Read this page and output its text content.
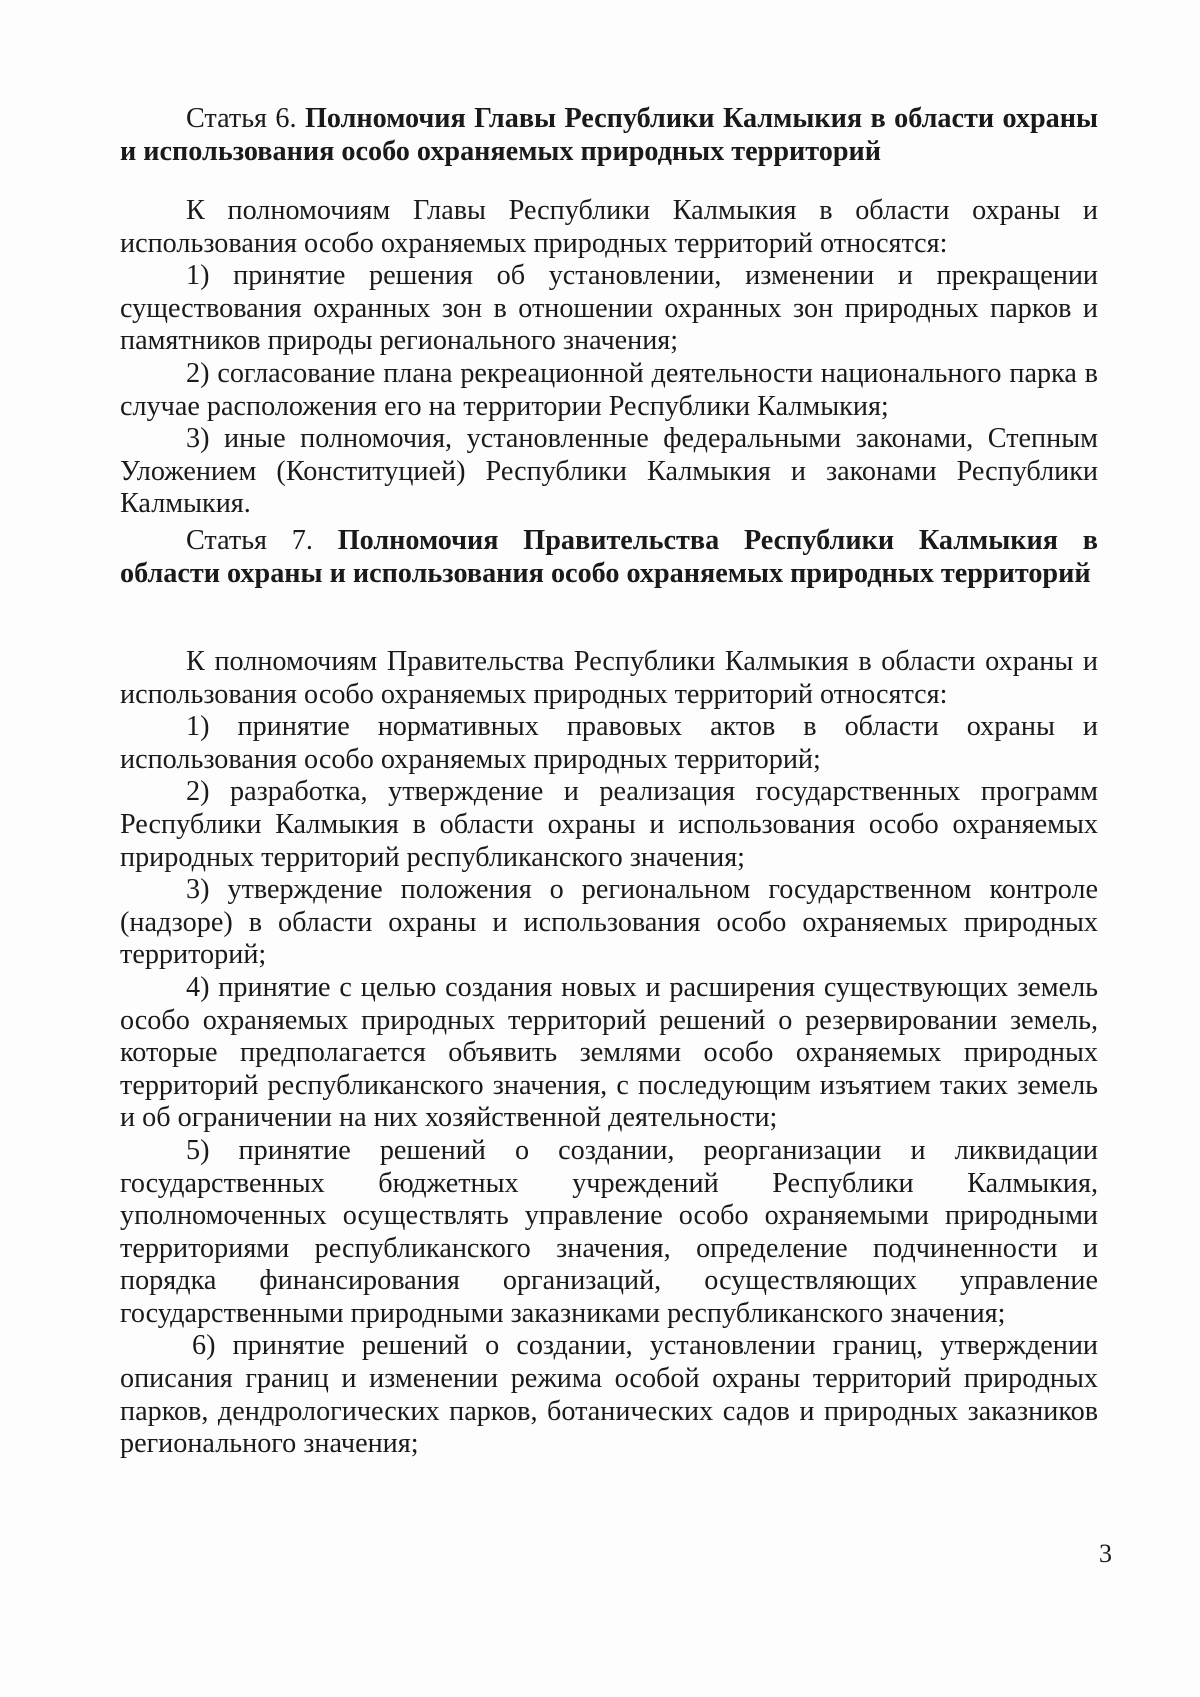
Статья 6. Полномочия Главы Республики Калмыкия в области охраны и использования особо охраняемых природных территорий

К полномочиям Главы Республики Калмыкия в области охраны и использования особо охраняемых природных территорий относятся:

1) принятие решения об установлении, изменении и прекращении существования охранных зон в отношении охранных зон природных парков и памятников природы регионального значения;

2) согласование плана рекреационной деятельности национального парка в случае расположения его на территории Республики Калмыкия;

3) иные полномочия, установленные федеральными законами, Степным Уложением (Конституцией) Республики Калмыкия и законами Республики Калмыкия.

Статья 7. Полномочия Правительства Республики Калмыкия в области охраны и использования особо охраняемых природных территорий

К полномочиям Правительства Республики Калмыкия в области охраны и использования особо охраняемых природных территорий относятся:

1) принятие нормативных правовых актов в области охраны и использования особо охраняемых природных территорий;

2) разработка, утверждение и реализация государственных программ Республики Калмыкия в области охраны и использования особо охраняемых природных территорий республиканского значения;

3) утверждение положения о региональном государственном контроле (надзоре) в области охраны и использования особо охраняемых природных территорий;

4) принятие с целью создания новых и расширения существующих земель особо охраняемых природных территорий решений о резервировании земель, которые предполагается объявить землями особо охраняемых природных территорий республиканского значения, с последующим изъятием таких земель и об ограничении на них хозяйственной деятельности;

5) принятие решений о создании, реорганизации и ликвидации государственных бюджетных учреждений Республики Калмыкия, уполномоченных осуществлять управление особо охраняемыми природными территориями республиканского значения, определение подчиненности и порядка финансирования организаций, осуществляющих управление государственными природными заказниками республиканского значения;

6) принятие решений о создании, установлении границ, утверждении описания границ и изменении режима особой охраны территорий природных парков, дендрологических парков, ботанических садов и природных заказников регионального значения;

3
